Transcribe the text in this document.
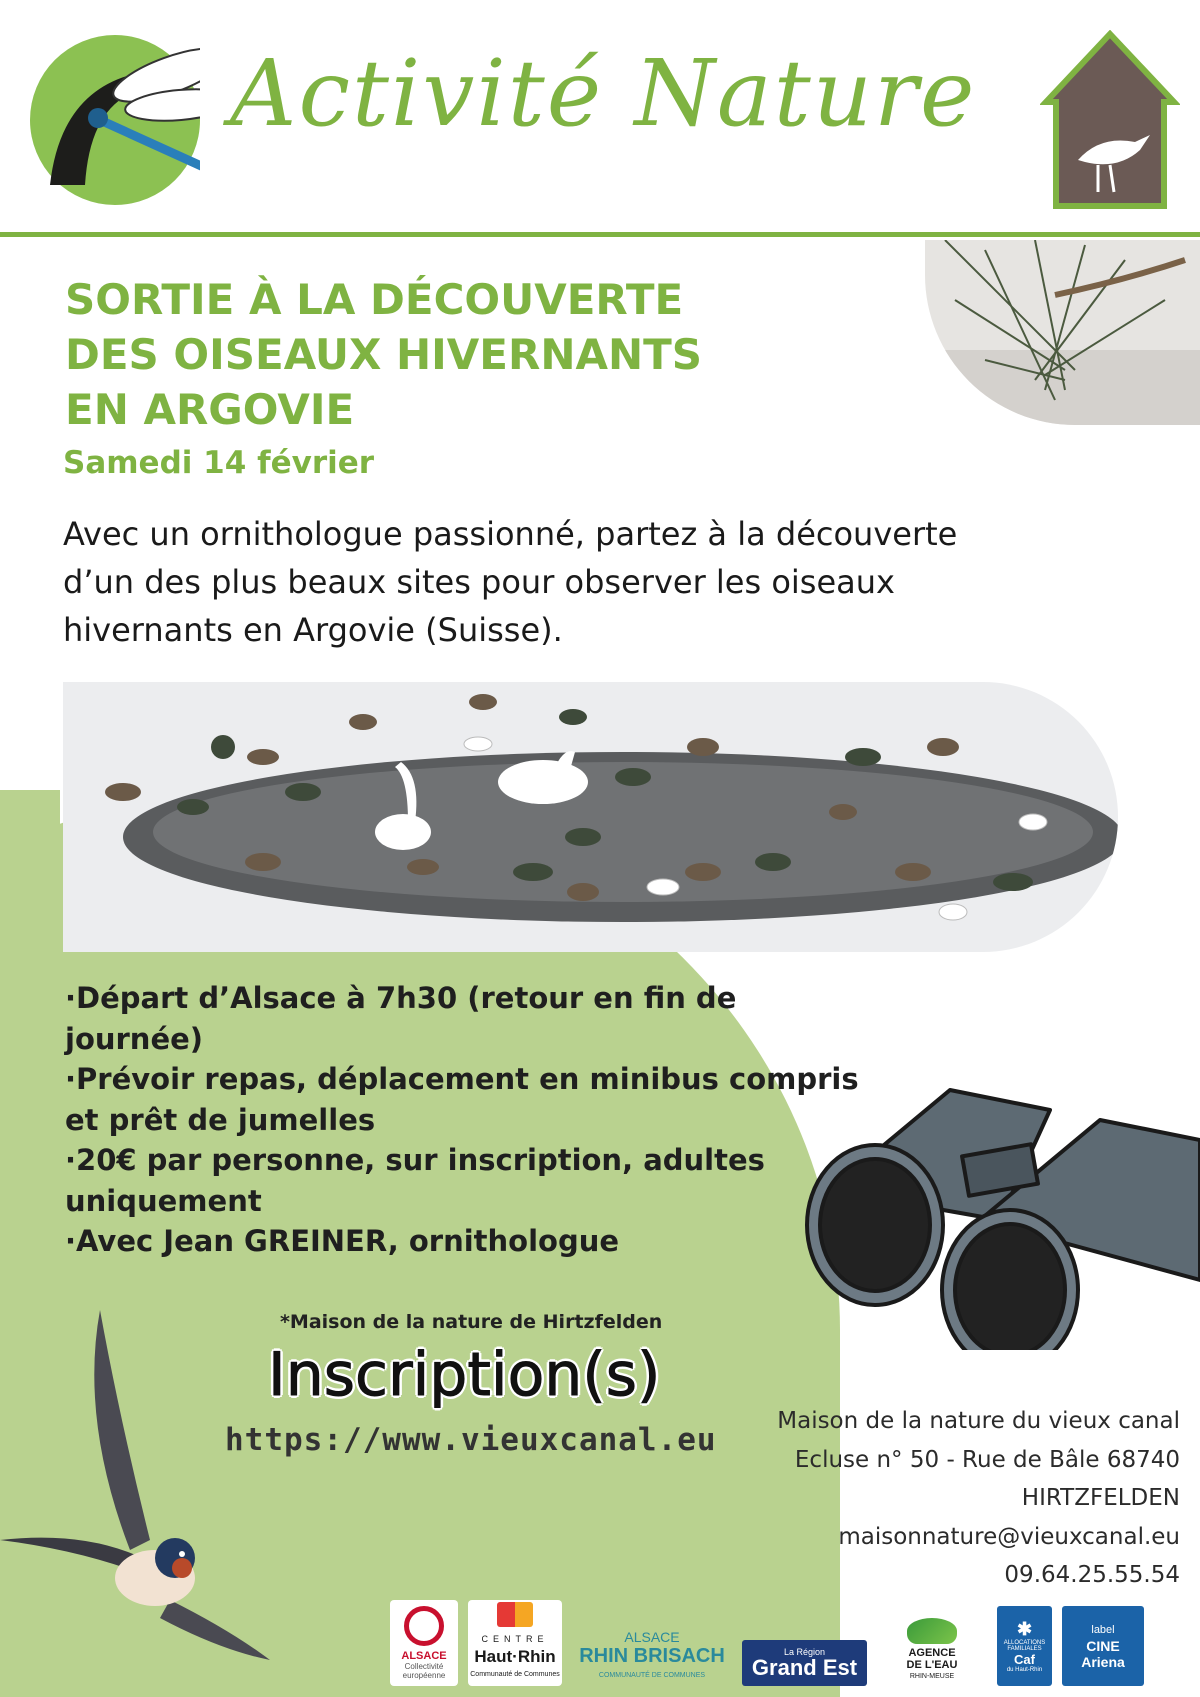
Activité Nature
SORTIE À LA DÉCOUVERTE
DES OISEAUX HIVERNANTS
EN ARGOVIE
Samedi 14 février
Avec un ornithologue passionné, partez à la découverte
d’un des plus beaux sites pour observer les oiseaux
hivernants en Argovie (Suisse).

·Départ d’Alsace à 7h30 (retour en fin de journée)

·Prévoir repas, déplacement en minibus compris et prêt de jumelles

·20€ par personne, sur inscription, adultes uniquement

·Avec Jean GREINER, ornithologue

*Maison de la nature de Hirtzfelden
Inscription(s)
https://www.vieuxcanal.eu
Maison de la nature du vieux canal
Ecluse n° 50 - Rue de Bâle 68740
HIRTZFELDEN
maisonnature@vieuxcanal.eu
09.64.25.55.54
ALSACE
Collectivité européenne
CENTRE
Haut·Rhin
Communauté de Communes
ALSACE
RHIN BRISACH
COMMUNAUTÉ DE COMMUNES
La Région
Grand Est
AGENCE
DE L'EAU
RHIN-MEUSE
✱
ALLOCATIONS FAMILIALES
Caf
du Haut-Rhin
label
CINE
Ariena
